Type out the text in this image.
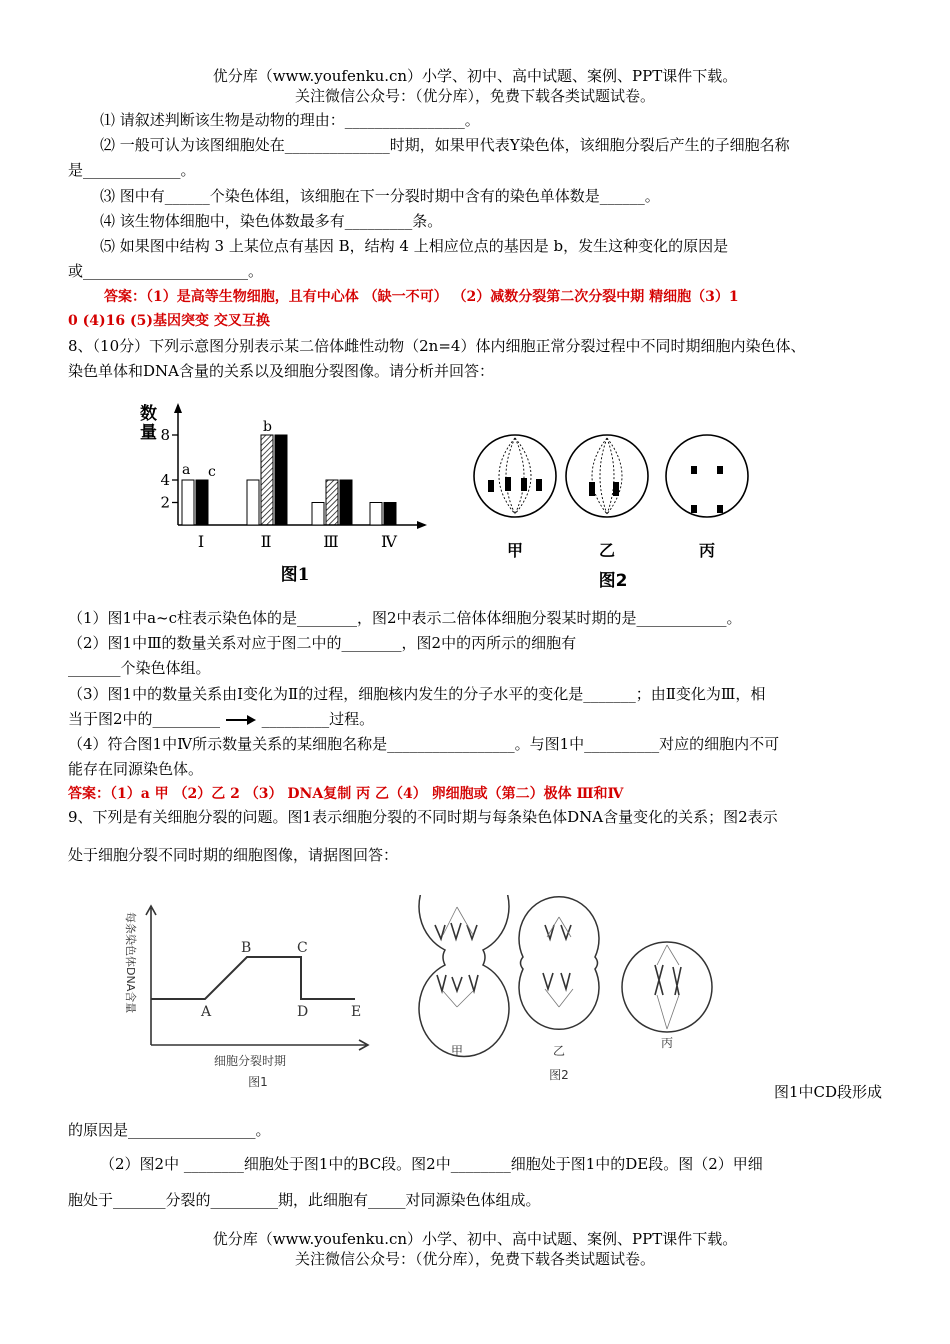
优分库（www.youfenku.cn）小学、初中、高中试题、案例、PPT课件下载。
关注微信公众号：（优分库），免费下载各类试题试卷。
⑴ 请叙述判断该生物是动物的理由：________________。
⑵ 一般可认为该图细胞处在______________时期，如果甲代表Y染色体，该细胞分裂后产生的子细胞名称
是_____________。
⑶ 图中有______个染色体组，该细胞在下一分裂时期中含有的染色单体数是______。
⑷ 该生物体细胞中，染色体数最多有_________条。
⑸ 如果图中结构 3 上某位点有基因 B，结构 4 上相应位点的基因是 b，发生这种变化的原因是
或______________________。
答案：（1）是高等生物细胞，且有中心体 （缺一不可） （2）减数分裂第二次分裂中期 精细胞（3）1
0 (4)16 (5)基因突变 交叉互换
8、（10分）下列示意图分别表示某二倍体雌性动物（2n=4）体内细胞正常分裂过程中不同时期细胞内染色体、
染色单体和DNA含量的关系以及细胞分裂图像。请分析并回答：
数
量
2
4
8
Ⅰ	Ⅱ	Ⅲ	Ⅳ
a c
b
图1
甲	乙	丙
图2
（1）图1中a~c柱表示染色体的是________，图2中表示二倍体体细胞分裂某时期的是____________。
（2）图1中Ⅲ的数量关系对应于图二中的________，图2中的丙所示的细胞有
_______个染色体组。
（3）图1中的数量关系由Ⅰ变化为Ⅱ的过程，细胞核内发生的分子水平的变化是_______；由Ⅱ变化为Ⅲ，相
当于图2中的_________	_________过程。
（4）符合图1中Ⅳ所示数量关系的某细胞名称是_________________。与图1中__________对应的细胞内不可
能存在同源染色体。
答案：（1）a 甲 （2）乙 2 （3） DNA复制 丙 乙（4） 卵细胞或（第二）极体 Ⅲ和Ⅳ
9、下列是有关细胞分裂的问题。图1表示细胞分裂的不同时期与每条染色体DNA含量变化的关系；图2表示
处于细胞分裂不同时期的细胞图像，请据图回答：
A
B	C
D	E
每条染色体DNA含量
细胞分裂时期
图1
甲	乙
丙
图2
图1中CD段形成
的原因是_________________。
（2）图2中 ________细胞处于图1中的BC段。图2中________细胞处于图1中的DE段。图（2）甲细
胞处于_______分裂的_________期，此细胞有_____对同源染色体组成。
优分库（www.youfenku.cn）小学、初中、高中试题、案例、PPT课件下载。
关注微信公众号：（优分库），免费下载各类试题试卷。
